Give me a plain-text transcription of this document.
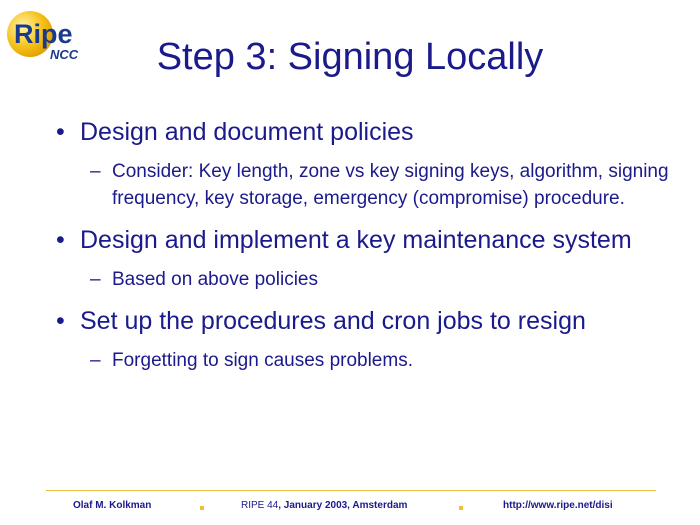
Ripe
NCC	Step 3: Signing Locally
• Design and document policies
– Consider: Key length, zone vs key signing keys, algorithm, signing frequency, key storage, emergency (compromise) procedure.
• Design and implement a key maintenance system
– Based on above policies
• Set up the procedures and cron jobs to resign
– Forgetting to sign causes problems.
Olaf M. Kolkman	RIPE 44, January 2003, Amsterdam	http://www.ripe.net/disi
